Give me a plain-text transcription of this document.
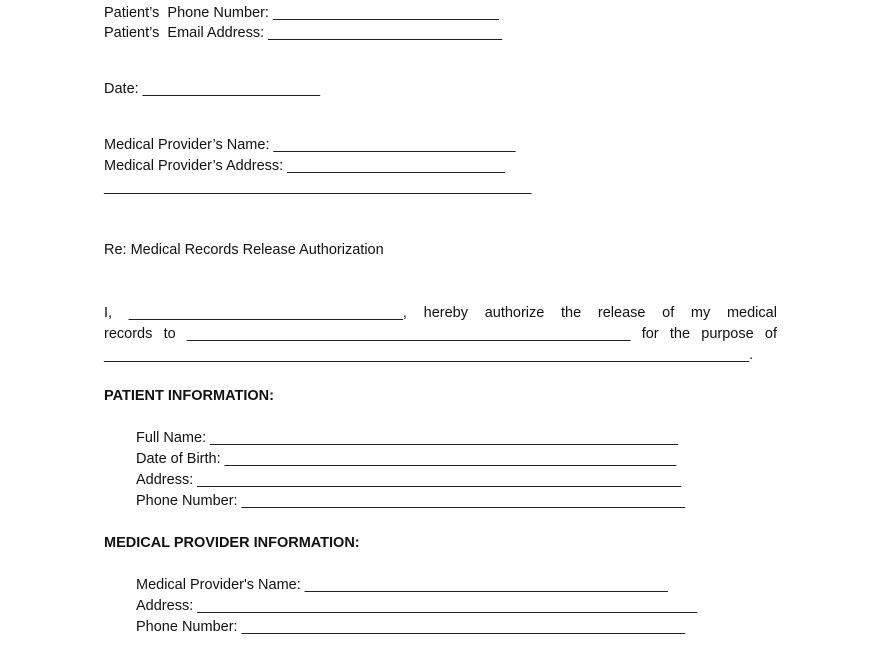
Patient’s  Phone Number: ____________________________
Patient’s  Email Address: _____________________________
Date: ______________________
Medical Provider’s Name: ______________________________
Medical Provider’s Address: ___________________________
_____________________________________________________
Re: Medical Records Release Authorization
I, __________________________________, hereby authorize the release of my medical
records to _______________________________________________________ for the purpose of
________________________________________________________________________________.
PATIENT INFORMATION:
Full Name: __________________________________________________________
Date of Birth: ________________________________________________________
Address: ____________________________________________________________
Phone Number: _______________________________________________________
MEDICAL PROVIDER INFORMATION:
Medical Provider's Name: _____________________________________________
Address: ______________________________________________________________
Phone Number: _______________________________________________________
